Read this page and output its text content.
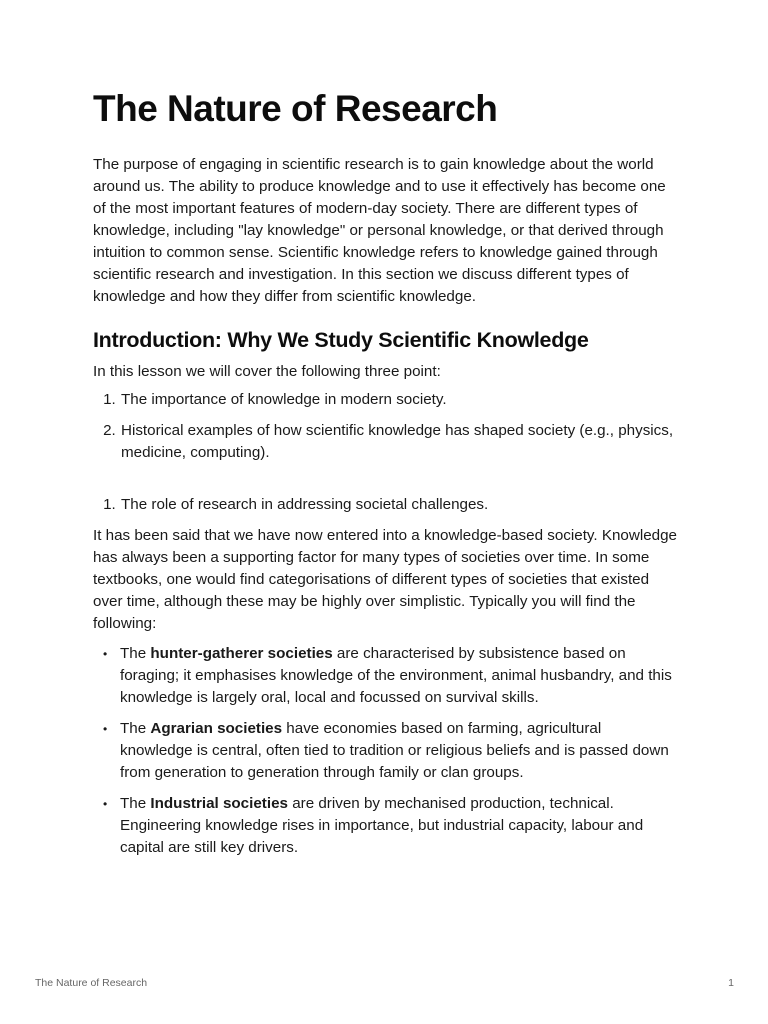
The Nature of Research

The purpose of engaging in scientific research is to gain knowledge about the world around us. The ability to produce knowledge and to use it effectively has become one of the most important features of modern-day society. There are different types of knowledge, including "lay knowledge" or personal knowledge, or that derived through intuition to common sense. Scientific knowledge refers to knowledge gained through scientific research and investigation. In this section we discuss different types of knowledge and how they differ from scientific knowledge.

Introduction: Why We Study Scientific Knowledge

In this lesson we will cover the following three point:

1. The importance of knowledge in modern society.
2. Historical examples of how scientific knowledge has shaped society (e.g., physics, medicine, computing).
1. The role of research in addressing societal challenges.

It has been said that we have now entered into a knowledge-based society. Knowledge has always been a supporting factor for many types of societies over time. In some textbooks, one would find categorisations of different types of societies that existed over time, although these may be highly over simplistic. Typically you will find the following:

• The hunter-gatherer societies are characterised by subsistence based on foraging; it emphasises knowledge of the environment, animal husbandry, and this knowledge is largely oral, local and focussed on survival skills.
• The Agrarian societies have economies based on farming, agricultural knowledge is central, often tied to tradition or religious beliefs and is passed down from generation to generation through family or clan groups.
• The Industrial societies are driven by mechanised production, technical. Engineering knowledge rises in importance, but industrial capacity, labour and capital are still key drivers.
The Nature of Research	1
